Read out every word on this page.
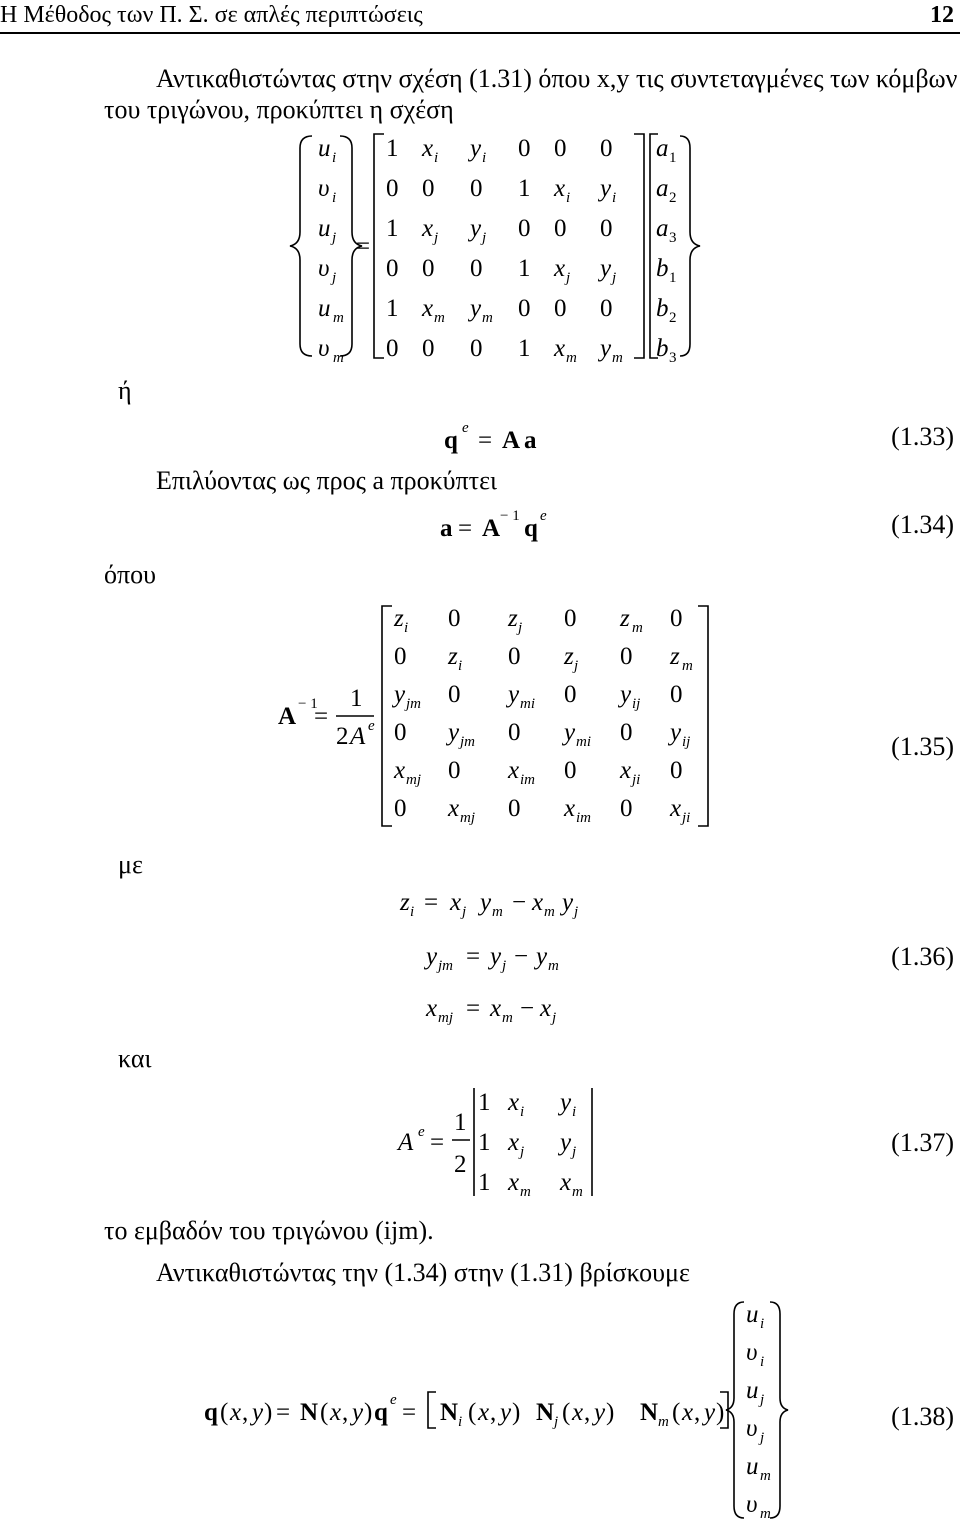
Η Μέθοδος των Π. Σ. σε απλές περιπτώσεις	12
Αντικαθιστώντας στην σχέση (1.31) όπου x,y τις συντεταγμένες των κόμβων
του τριγώνου, προκύπτει η σχέση
u i
υ i
u j
υ j
u m
υ m
=
1 x i y i 0 0 0
0 0 0 1 x i y i
1 x j y j 0 0 0
0 0 0 1 x j y j
1 x m y m 0 0 0
0 0 0 1 x m y m
a 1
a 2
a 3
b 1
b 2
b 3
ή
q e = A a	(1.33)
Επιλύοντας ως προς a προκύπτει
a = A − 1 q e	(1.34)
όπου
A − 1
=
1
2 A e
z i 0 z j 0 z m 0
0 z i 0 z j 0 z m
y jm 0 y mi 0 y ij 0
0 y jm 0 y mi 0 y ij
x mj 0 x im 0 x ji 0
0 x mj 0 x im 0 x ji
(1.35)
με
z i = x j y m − x m y j
y jm = y j − y m
x mj = x m − x j
(1.36)
και
A e =
1
2
1 x i y i
1 x j y j
1 x m x m
(1.37)
το εμβαδόν του τριγώνου (ijm).
Αντικαθιστώντας την (1.34) στην (1.31) βρίσκουμε
q ( x , y ) = N ( x , y ) q e = N i ( x , y ) N j ( x , y ) N m ( x , y )
u i
υ i
u j
υ j
u m
υ m
(1.38)
